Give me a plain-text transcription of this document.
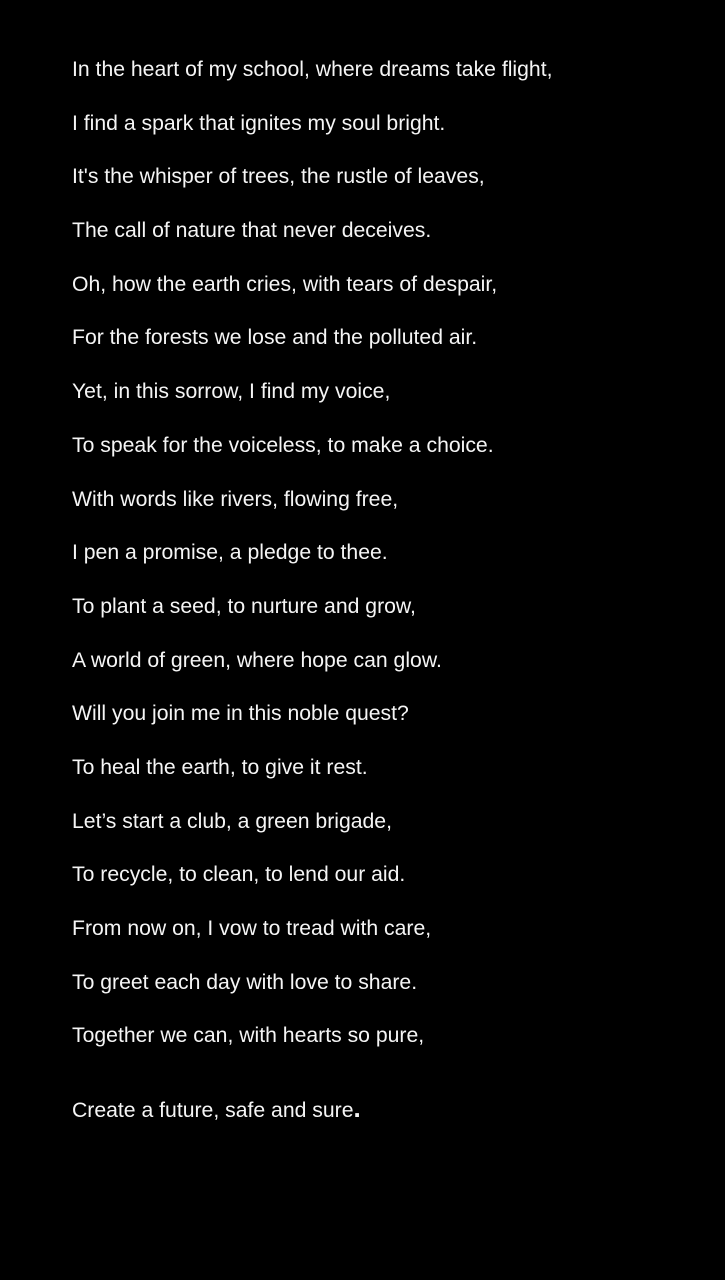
In the heart of my school, where dreams take flight,
I find a spark that ignites my soul bright.
It's the whisper of trees, the rustle of leaves,
The call of nature that never deceives.
Oh, how the earth cries, with tears of despair,
For the forests we lose and the polluted air.
Yet, in this sorrow, I find my voice,
To speak for the voiceless, to make a choice.
With words like rivers, flowing free,
I pen a promise, a pledge to thee.
To plant a seed, to nurture and grow,
A world of green, where hope can glow.
Will you join me in this noble quest?
To heal the earth, to give it rest.
Let’s start a club, a green brigade,
To recycle, to clean, to lend our aid.
From now on, I vow to tread with care,
To greet each day with love to share.
Together we can, with hearts so pure,
Create a future, safe and sure.
